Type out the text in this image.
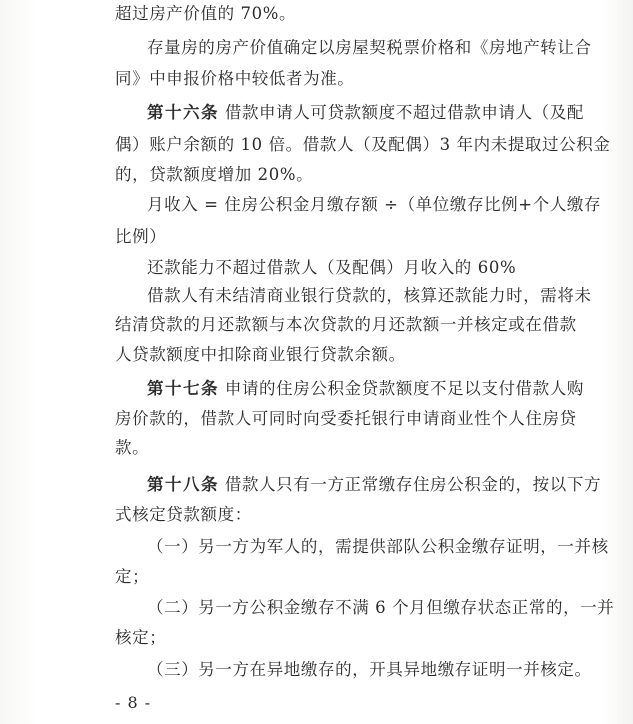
超过房产价值的 70%。
存量房的房产价值确定以房屋契税票价格和《房地产转让合
同》中申报价格中较低者为准。
第十六条 借款申请人可贷款额度不超过借款申请人（及配
偶）账户余额的 10 倍。借款人（及配偶）3 年内未提取过公积金
的，贷款额度增加 20%。
月收入 = 住房公积金月缴存额 ÷（单位缴存比例+个人缴存
比例）
还款能力不超过借款人（及配偶）月收入的 60%
借款人有未结清商业银行贷款的，核算还款能力时，需将未
结清贷款的月还款额与本次贷款的月还款额一并核定或在借款
人贷款额度中扣除商业银行贷款余额。
第十七条 申请的住房公积金贷款额度不足以支付借款人购
房价款的，借款人可同时向受委托银行申请商业性个人住房贷
款。
第十八条 借款人只有一方正常缴存住房公积金的，按以下方
式核定贷款额度：
（一）另一方为军人的，需提供部队公积金缴存证明，一并核
定；
（二）另一方公积金缴存不满 6 个月但缴存状态正常的，一并
核定；
（三）另一方在异地缴存的，开具异地缴存证明一并核定。
- 8 -
